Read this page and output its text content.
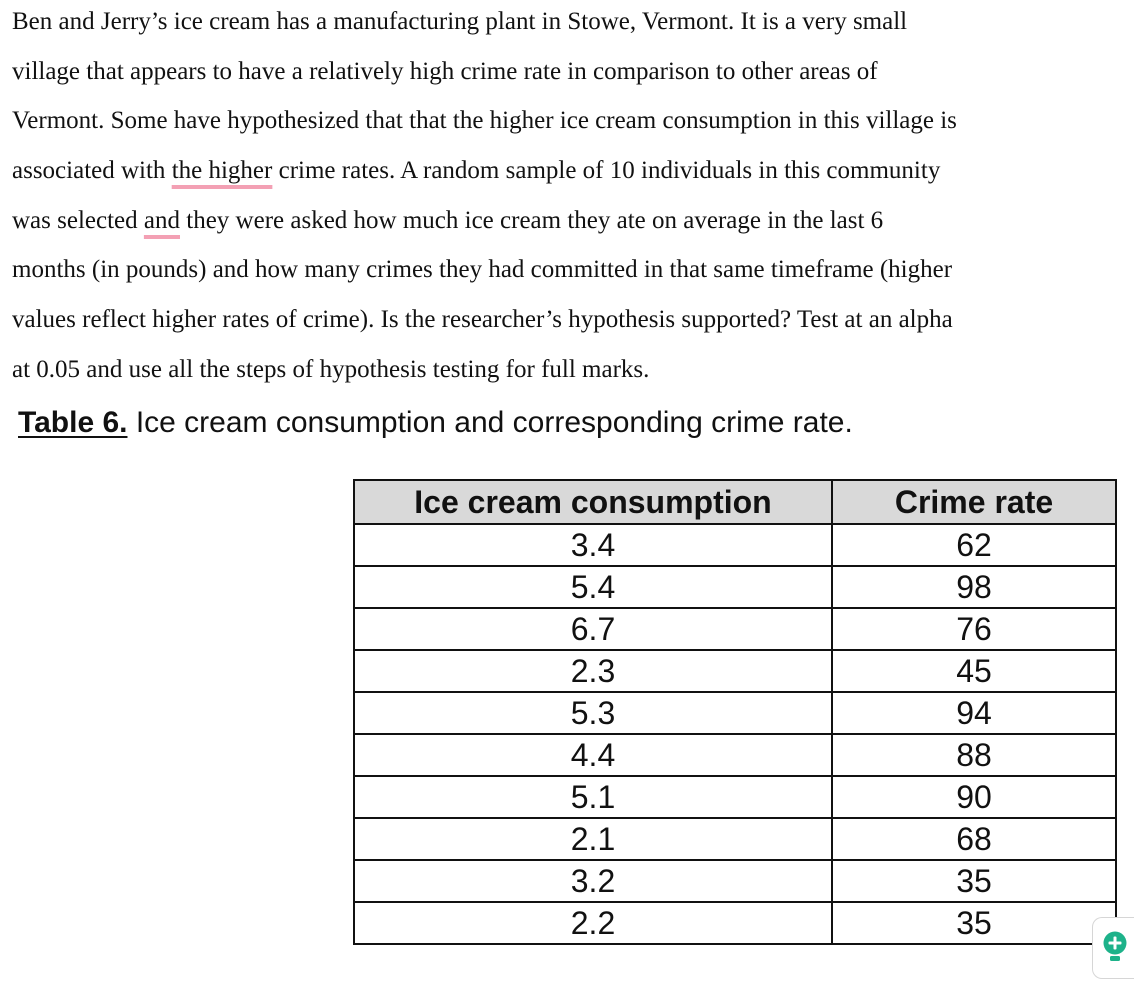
Ben and Jerry’s ice cream has a manufacturing plant in Stowe, Vermont. It is a very small
village that appears to have a relatively high crime rate in comparison to other areas of
Vermont. Some have hypothesized that that the higher ice cream consumption in this village is
associated with the higher crime rates. A random sample of 10 individuals in this community
was selected and they were asked how much ice cream they ate on average in the last 6
months (in pounds) and how many crimes they had committed in that same timeframe (higher
values reflect higher rates of crime). Is the researcher’s hypothesis supported? Test at an alpha
at 0.05 and use all the steps of hypothesis testing for full marks.
Table 6. Ice cream consumption and corresponding crime rate.
Ice cream consumption	Crime rate
3.4	62
5.4	98
6.7	76
2.3	45
5.3	94
4.4	88
5.1	90
2.1	68
3.2	35
2.2	35
